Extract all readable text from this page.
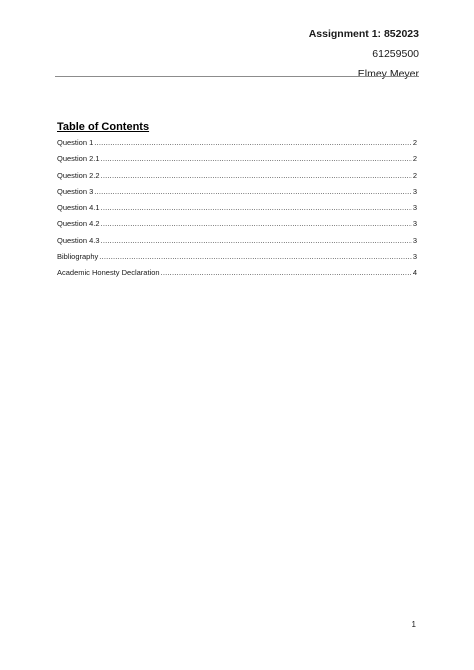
Assignment 1: 852023
61259500
Elmey Meyer
Table of Contents
Question 1 .....	2
Question 2.1 .....	2
Question 2.2 .....	2
Question 3 .....	3
Question 4.1 .....	3
Question 4.2 .....	3
Question 4.3 .....	3
Bibliography .....	3
Academic Honesty Declaration .....	4
1
